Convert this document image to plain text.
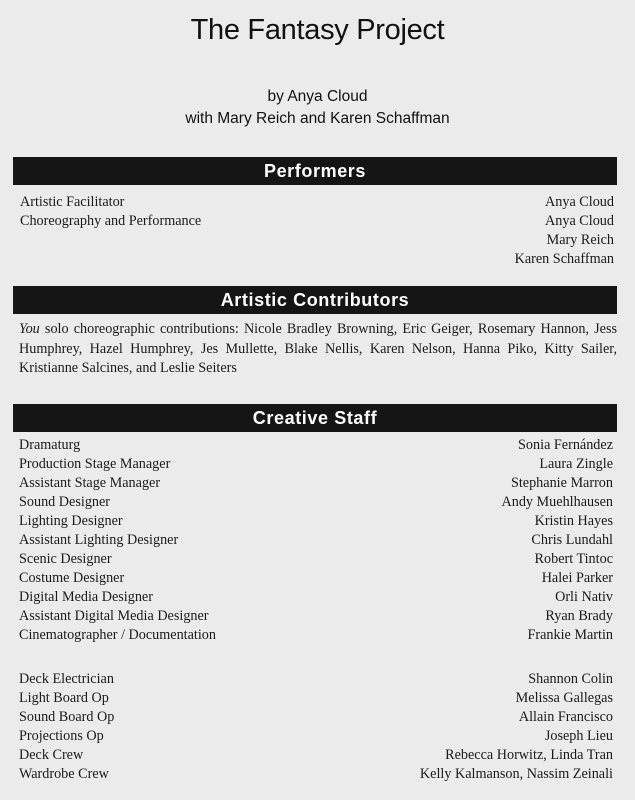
The Fantasy Project
by Anya Cloud
with Mary Reich and Karen Schaffman
Performers
Artistic Facilitator	Anya Cloud
Choreography and Performance	Anya Cloud
Mary Reich
Karen Schaffman
Artistic Contributors
You solo choreographic contributions: Nicole Bradley Browning, Eric Geiger, Rosemary Hannon, Jess Humphrey, Hazel Humphrey, Jes Mullette, Blake Nellis, Karen Nelson, Hanna Piko, Kitty Sailer, Kristianne Salcines, and Leslie Seiters
Creative Staff
Dramaturg	Sonia Fernández
Production Stage Manager	Laura Zingle
Assistant Stage Manager	Stephanie Marron
Sound Designer	Andy Muehlhausen
Lighting Designer	Kristin Hayes
Assistant Lighting Designer	Chris Lundahl
Scenic Designer	Robert Tintoc
Costume Designer	Halei Parker
Digital Media Designer	Orli Nativ
Assistant Digital Media Designer	Ryan Brady
Cinematographer / Documentation	Frankie Martin
Deck Electrician	Shannon Colin
Light Board Op	Melissa Gallegas
Sound Board Op	Allain Francisco
Projections Op	Joseph Lieu
Deck Crew	Rebecca Horwitz, Linda Tran
Wardrobe Crew	Kelly Kalmanson, Nassim Zeinali
